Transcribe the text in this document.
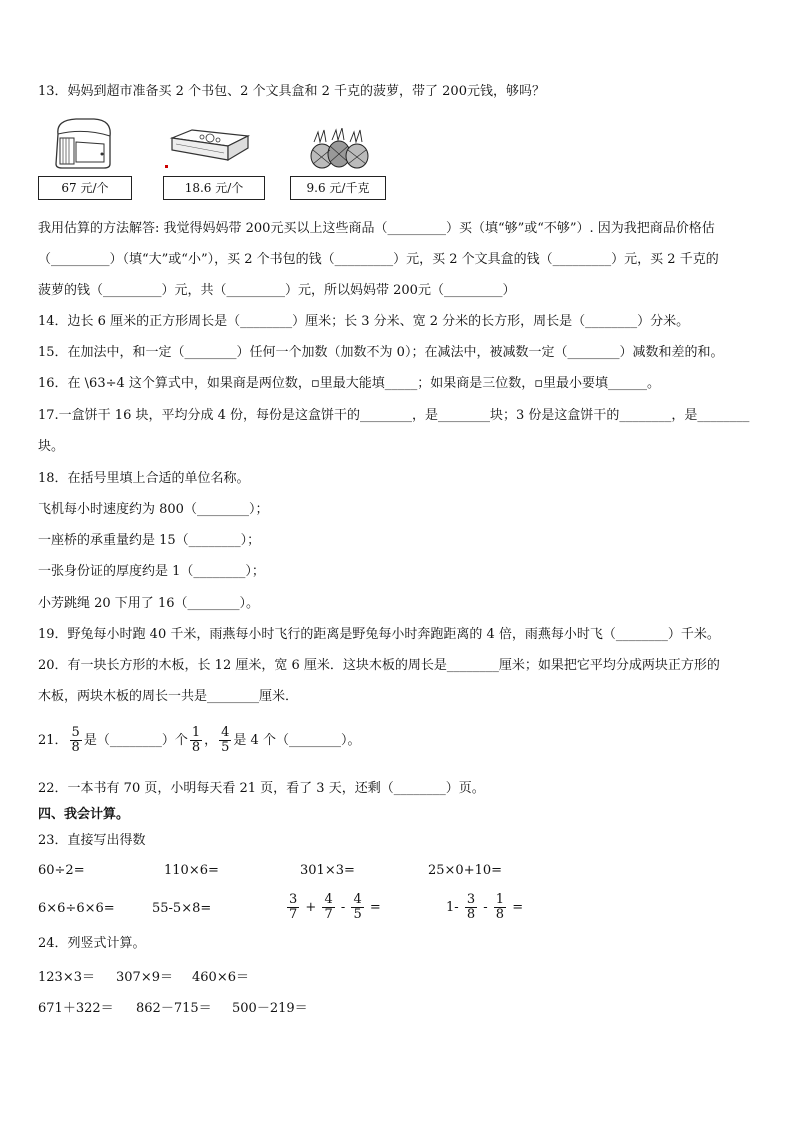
13．妈妈到超市准备买 2 个书包、2 个文具盒和 2 千克的菠萝，带了 200元钱，够吗？
67 元/个	18.6 元/个	9.6 元/千克
我用估算的方法解答: 我觉得妈妈带 200元买以上这些商品（_________）买（填“够”或“不够”）. 因为我把商品价格估
（_________）（填“大”或“小”），买 2 个书包的钱（_________）元，买 2 个文具盒的钱（_________）元，买 2 千克的
菠萝的钱（_________）元，共（_________）元，所以妈妈带 200元（_________）
14．边长 6 厘米的正方形周长是（________）厘米；长 3 分米、宽 2 分米的长方形，周长是（________）分米。
15．在加法中，和一定（________）任何一个加数（加数不为 0）；在减法中，被减数一定（________）减数和差的和。
16．在 \63÷4 这个算式中，如果商是两位数，▫里最大能填_____；如果商是三位数，▫里最小要填______。
17.一盒饼干 16 块，平均分成 4 份，每份是这盒饼干的________，是________块；3 份是这盒饼干的________，是________
块。
18．在括号里填上合适的单位名称。
飞机每小时速度约为 800（________）；
一座桥的承重量约是 15（________）；
一张身份证的厚度约是 1（________）；
小芳跳绳 20 下用了 16（________）。
19．野兔每小时跑 40 千米，雨燕每小时飞行的距离是野兔每小时奔跑距离的 4 倍，雨燕每小时飞（________）千米。
20．有一块长方形的木板，长 12 厘米，宽 6 厘米．这块木板的周长是________厘米；如果把它平均分成两块正方形的
木板，两块木板的周长一共是________厘米．
21． $\frac{5}{8}$ 是（________）个 $\frac{1}{8}$ ， $\frac{4}{5}$ 是 4 个（________）。
22．一本书有 70 页，小明每天看 21 页，看了 3 天，还剩（________）页。
四、我会计算。
23．直接写出得数
60÷2=	110×6=	301×3=	25×0+10=
6×6÷6×6=	55-5×8=	$\frac{3}{7} + \frac{4}{7} - \frac{4}{5}$ =	$1- \frac{3}{8} - \frac{1}{8}$ =
24．列竖式计算。
123×3＝ 307×9＝ 460×6＝
671＋322＝ 862－715＝ 500－219＝
